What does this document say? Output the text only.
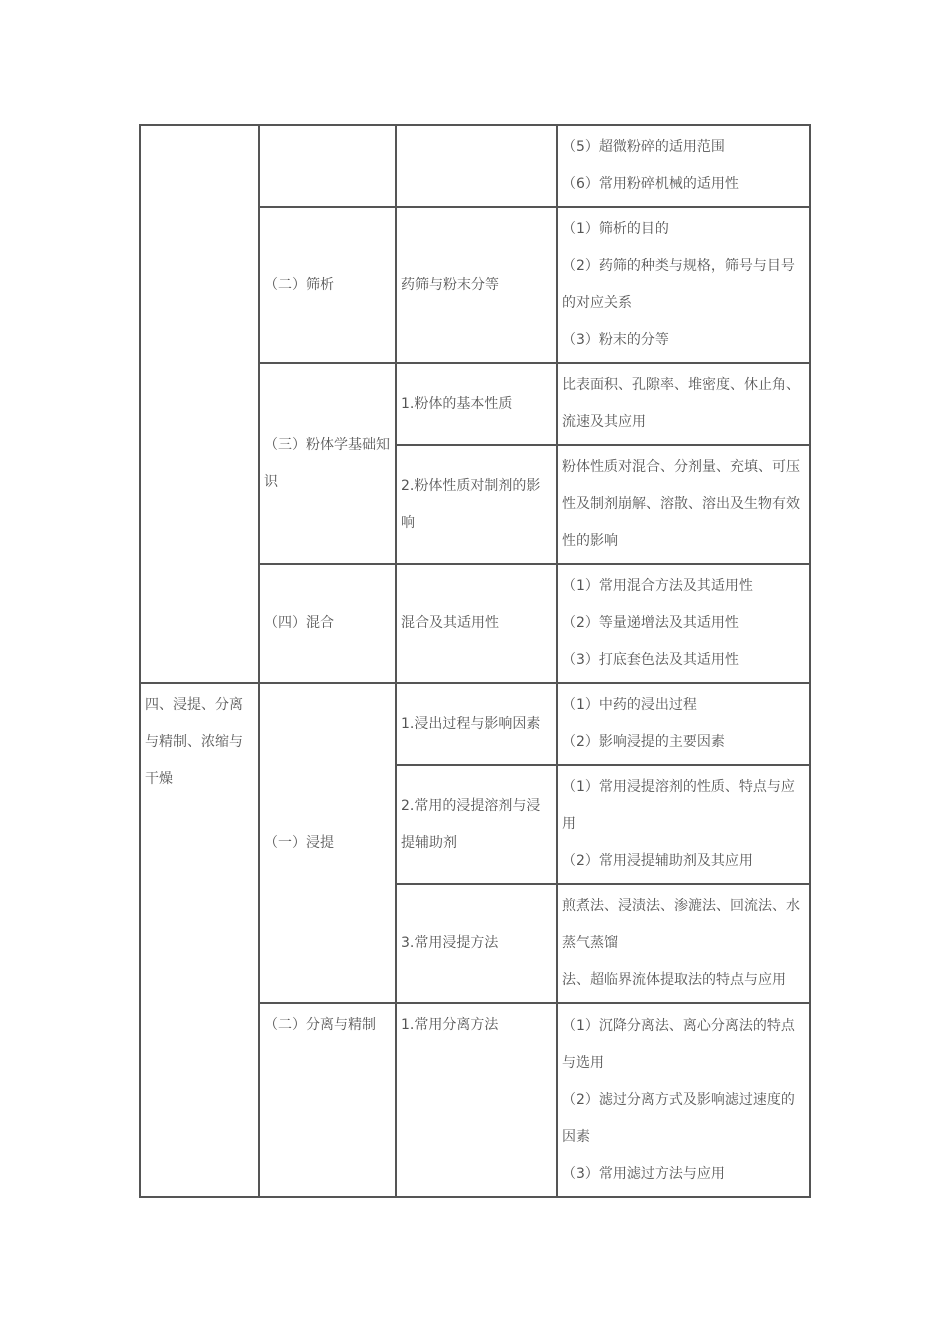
			（5）超微粉碎的适用范围
（6）常用粉碎机械的适用性

	（二）筛析	药筛与粉末分等	（1）筛析的目的
（2）药筛的种类与规格，筛号与目号的对应关系
（3）粉末的分等

	（三）粉体学基础知识	1.粉体的基本性质	比表面积、孔隙率、堆密度、休止角、流速及其应用

		2.粉体性质对制剂的影响	粉体性质对混合、分剂量、充填、可压性及制剂崩解、溶散、溶出及生物有效性的影响

	（四）混合	混合及其适用性	（1）常用混合方法及其适用性
（2）等量递增法及其适用性
（3）打底套色法及其适用性

四、浸提、分离与精制、浓缩与干燥	（一）浸提	1.浸出过程与影响因素	（1）中药的浸出过程
（2）影响浸提的主要因素

		2.常用的浸提溶剂与浸提辅助剂	（1）常用浸提溶剂的性质、特点与应用
（2）常用浸提辅助剂及其应用

		3.常用浸提方法	煎煮法、浸渍法、渗漉法、回流法、水蒸气蒸馏
法、超临界流体提取法的特点与应用

	（二）分离与精制	1.常用分离方法	（1）沉降分离法、离心分离法的特点与选用
（2）滤过分离方式及影响滤过速度的因素
（3）常用滤过方法与应用
